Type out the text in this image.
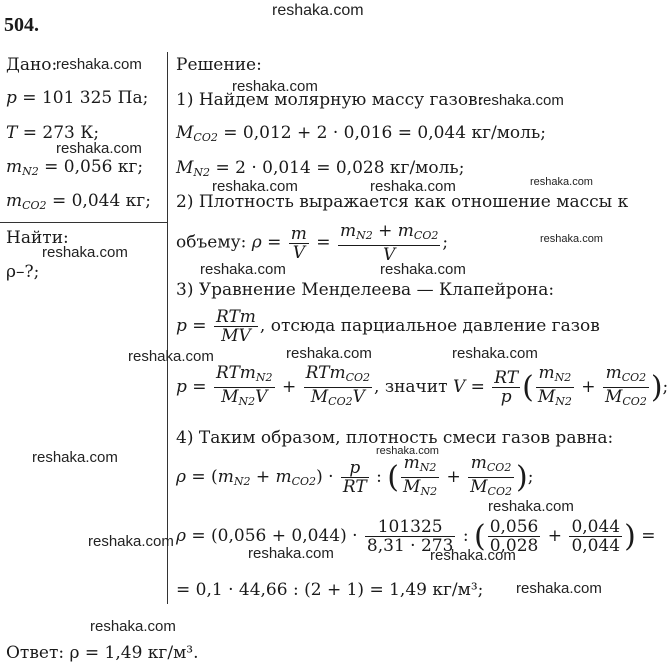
504.
reshaka.com
Дано:
p = 101 325 Па;
T = 273 К;
$m_{N2} = 0,056$ кг;
$m_{CO2} = 0,044$ кг;
Найти:
ρ–?;
Решение:
1) Найдем молярную массу газов:
$M_{CO2} = 0,012 + 2 \cdot 0,016 = 0,044$ кг/моль;
$M_{N2} = 2 \cdot 0,014 = 0,028$ кг/моль;
2) Плотность выражается как отношение массы к
объему: $\rho = \frac{m}{V} = \frac{m_{N2} + m_{CO2}}{V}$ ;
3) Уравнение Менделеева — Клапейрона:
$p = \frac{\text{RTm}}{MV}$ , отсюда парциальное давление газов
$p = \frac{RTm_{N2}}{M_{N2}V} + \frac{RTm_{CO2}}{M_{CO2}V}$ , значит $V = \frac{RT}{p}$ ( $\frac{m_{N2}}{M_{N2}} + \frac{m_{CO2}}{M_{CO2}}$ );
4) Таким образом, плотность смеси газов равна:
$\rho = (m_{N2} + m_{CO2}) \cdot \frac{p}{RT}$ : ( $\frac{m_{N2}}{M_{N2}} + \frac{m_{CO2}}{M_{CO2}}$ );
$\rho = (0,056 + 0,044) \cdot \frac{101325}{8,31 \cdot 273}$ : ( $\frac{0,056}{0,028} + \frac{0,044}{0,044}$ ) =
= 0,1 · 44,66 : (2 + 1) = 1,49 кг/м³;
Ответ: ρ = 1,49 кг/м³.
reshaka.com
reshaka.com
reshaka.com
reshaka.com
reshaka.com	reshaka.com	reshaka.com
reshaka.com
reshaka.com
reshaka.com	reshaka.com
reshaka.com	reshaka.com	reshaka.com
reshaka.com	reshaka.com
reshaka.com
reshaka.com
reshaka.com	reshaka.com
reshaka.com
reshaka.com
